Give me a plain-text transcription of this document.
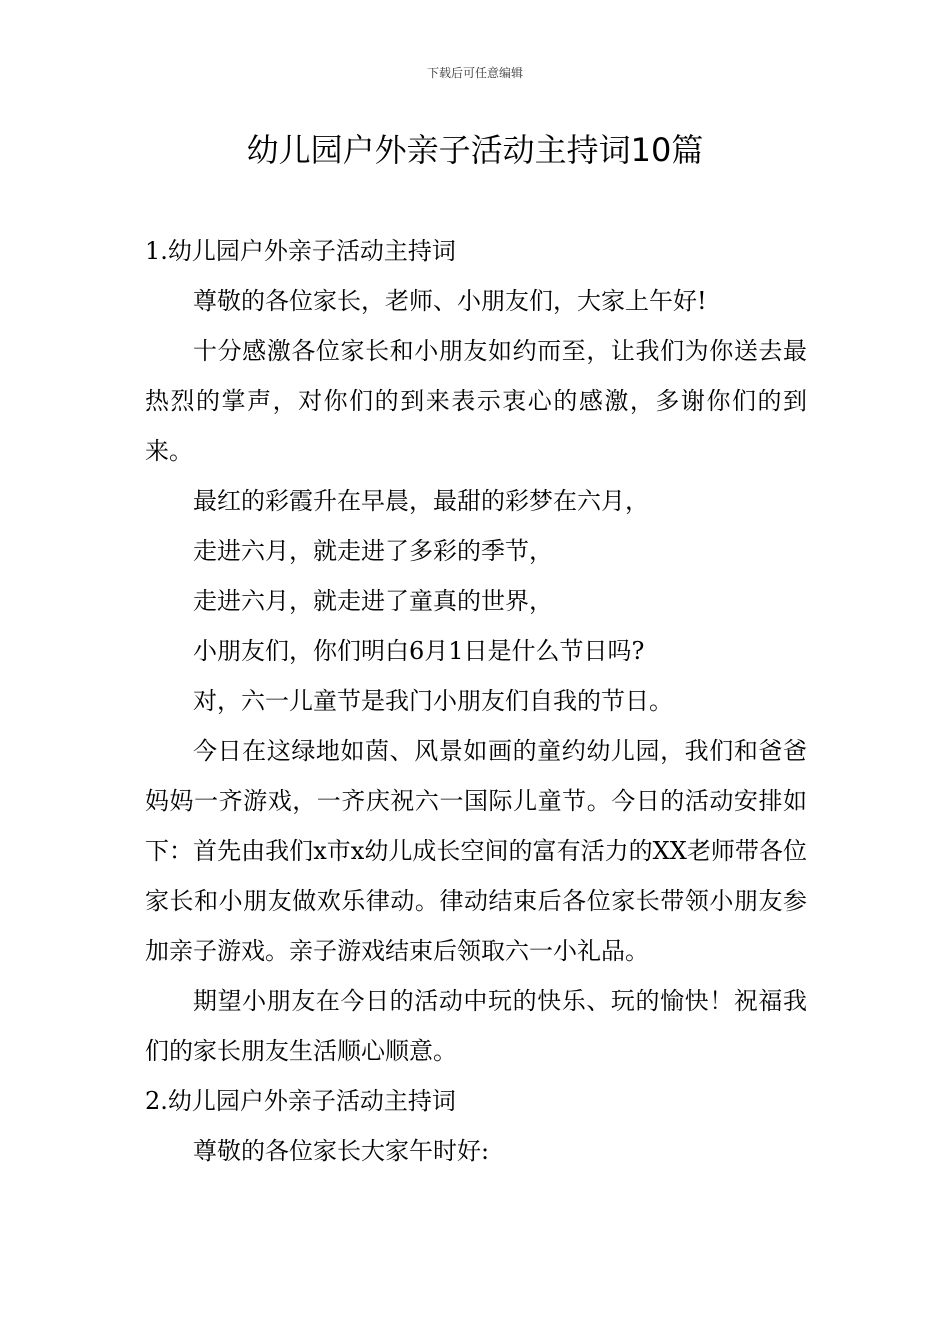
下载后可任意编辑
幼儿园户外亲子活动主持词10篇

1.幼儿园户外亲子活动主持词

尊敬的各位家长，老师、小朋友们，大家上午好!

十分感激各位家长和小朋友如约而至，让我们为你送去最热烈的掌声，对你们的到来表示衷心的感激，多谢你们的到来。

最红的彩霞升在早晨，最甜的彩梦在六月，

走进六月，就走进了多彩的季节，

走进六月，就走进了童真的世界，

小朋友们，你们明白6月1日是什么节日吗?

对，六一儿童节是我门小朋友们自我的节日。

今日在这绿地如茵、风景如画的童约幼儿园，我们和爸爸妈妈一齐游戏，一齐庆祝六一国际儿童节。今日的活动安排如下：首先由我们x市x幼儿成长空间的富有活力的XX老师带各位家长和小朋友做欢乐律动。律动结束后各位家长带领小朋友参加亲子游戏。亲子游戏结束后领取六一小礼品。

期望小朋友在今日的活动中玩的快乐、玩的愉快！祝福我们的家长朋友生活顺心顺意。

2.幼儿园户外亲子活动主持词

尊敬的各位家长大家午时好:
